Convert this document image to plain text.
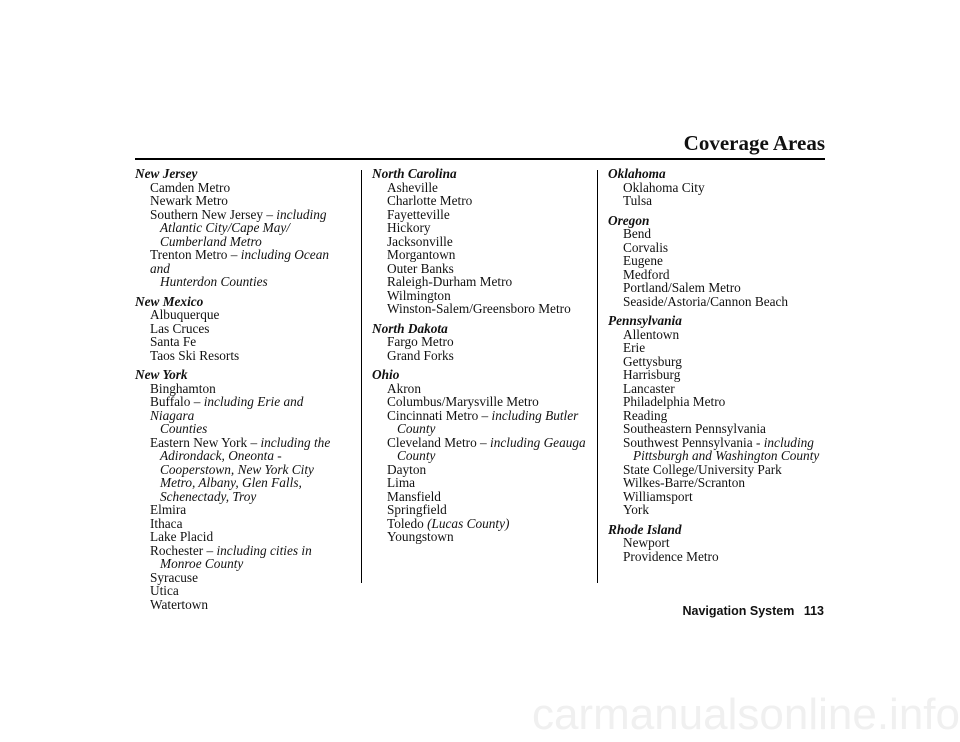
Coverage Areas
New Jersey
Camden Metro
Newark Metro
Southern New Jersey – including
Atlantic City/Cape May/
Cumberland Metro
Trenton Metro – including Ocean and
Hunterdon Counties
New Mexico
Albuquerque
Las Cruces
Santa Fe
Taos Ski Resorts
New York
Binghamton
Buffalo – including Erie and Niagara
Counties
Eastern New York – including the
Adirondack, Oneonta -
Cooperstown, New York City
Metro, Albany, Glen Falls,
Schenectady, Troy
Elmira
Ithaca
Lake Placid
Rochester – including cities in
Monroe County
Syracuse
Utica
Watertown
North Carolina
Asheville
Charlotte Metro
Fayetteville
Hickory
Jacksonville
Morgantown
Outer Banks
Raleigh-Durham Metro
Wilmington
Winston-Salem/Greensboro Metro
North Dakota
Fargo Metro
Grand Forks
Ohio
Akron
Columbus/Marysville Metro
Cincinnati Metro – including Butler
County
Cleveland Metro – including Geauga
County
Dayton
Lima
Mansfield
Springfield
Toledo (Lucas County)
Youngstown
Oklahoma
Oklahoma City
Tulsa
Oregon
Bend
Corvalis
Eugene
Medford
Portland/Salem Metro
Seaside/Astoria/Cannon Beach
Pennsylvania
Allentown
Erie
Gettysburg
Harrisburg
Lancaster
Philadelphia Metro
Reading
Southeastern Pennsylvania
Southwest Pennsylvania - including
Pittsburgh and Washington County
State College/University Park
Wilkes-Barre/Scranton
Williamsport
York
Rhode Island
Newport
Providence Metro
Navigation System 113
carmanualsonline.info
